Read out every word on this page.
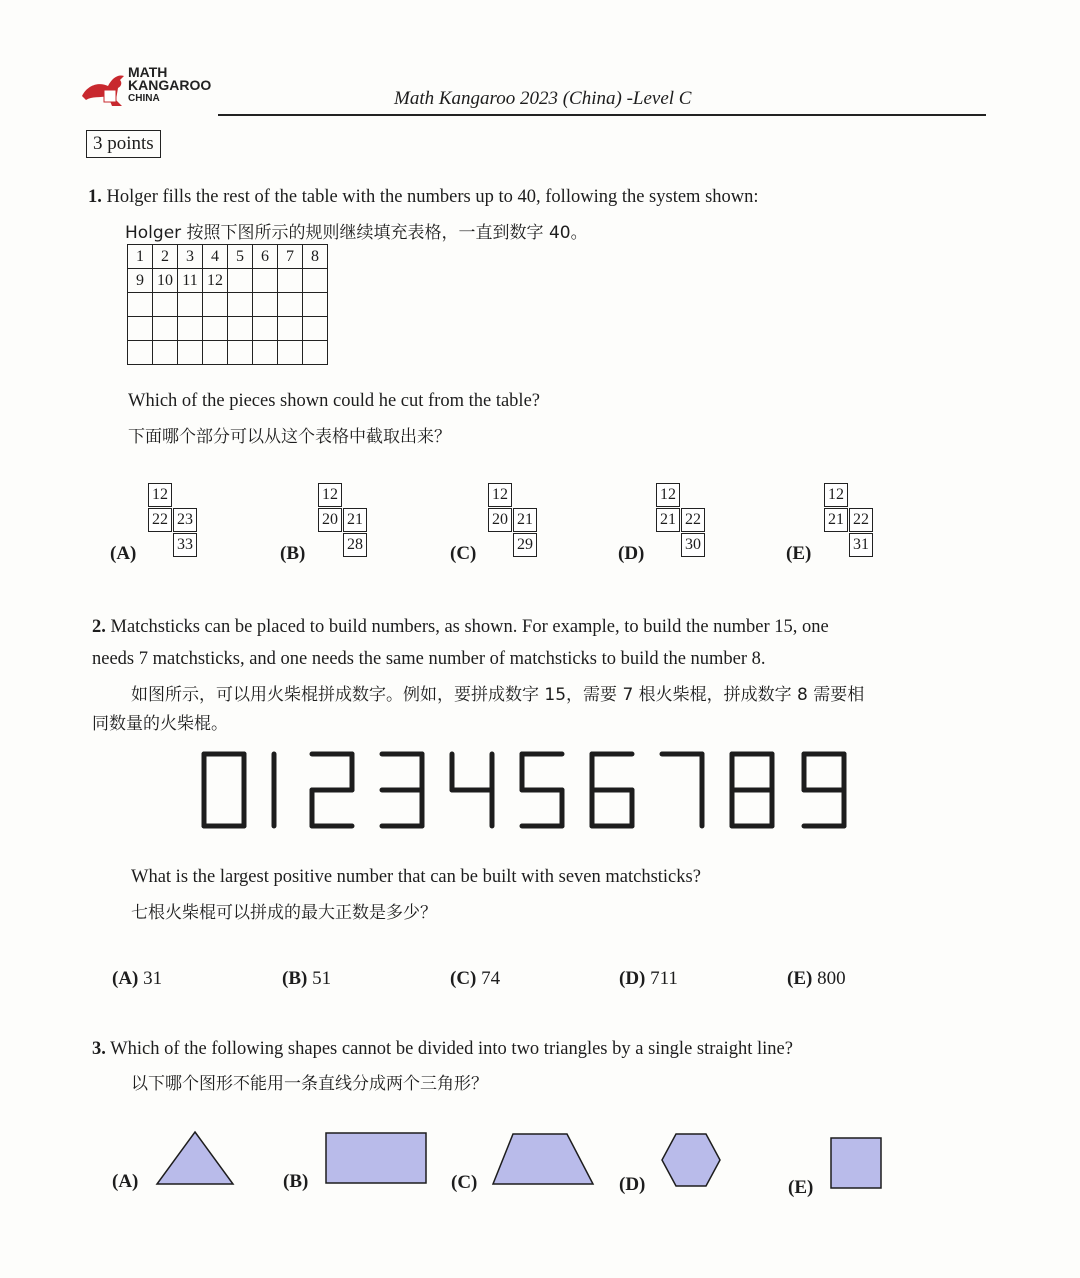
MATH
KANGAROO
CHINA	Math Kangaroo 2023 (China) -Level C
3 points
1. Holger fills the rest of the table with the numbers up to 40, following the system shown:
Holger 按照下图所示的规则继续填充表格，一直到数字 40。
1	2	3	4	5	6	7	8
9	10	11	12				

Which of the pieces shown could he cut from the table?
下面哪个部分可以从这个表格中截取出来？
(A)
12
22 23
33	(B)
12
20 21
28	(C)
12
20 21
29	(D)
12
21 22
30	(E)
12
21 22
31
2. Matchsticks can be placed to build numbers, as shown. For example, to build the number 15, one
needs 7 matchsticks, and one needs the same number of matchsticks to build the number 8.
如图所示，可以用火柴棍拼成数字。例如，要拼成数字 15，需要 7 根火柴棍，拼成数字 8 需要相
同数量的火柴棍。
What is the largest positive number that can be built with seven matchsticks?
七根火柴棍可以拼成的最大正数是多少？
(A) 31	(B) 51	(C) 74	(D) 711	(E) 800
3. Which of the following shapes cannot be divided into two triangles by a single straight line?
以下哪个图形不能用一条直线分成两个三角形？
(A)	(B)	(C)	(D)	(E)
